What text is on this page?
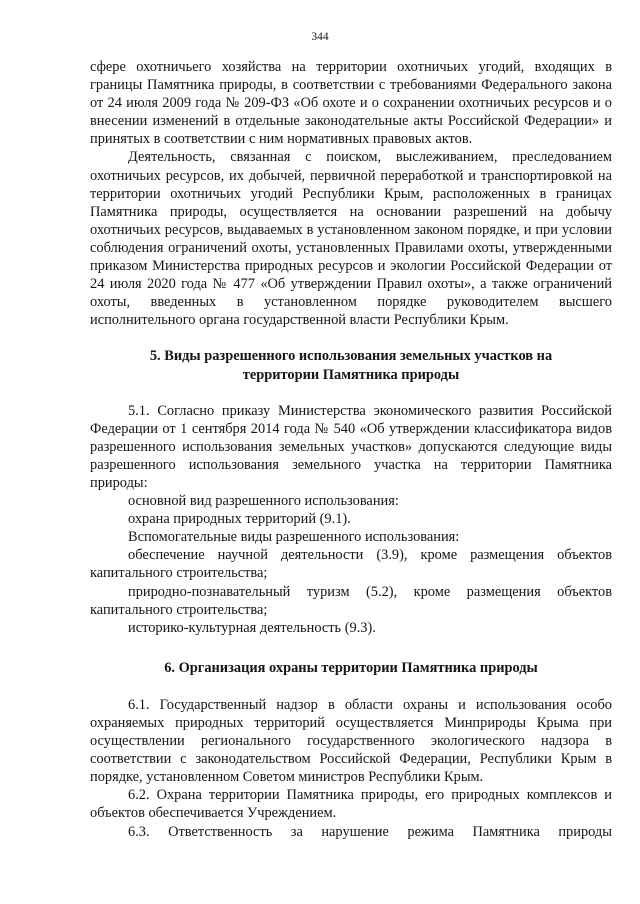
344

сфере охотничьего хозяйства на территории охотничьих угодий, входящих в границы Памятника природы, в соответствии с требованиями Федерального закона от 24 июля 2009 года № 209-ФЗ «Об охоте и о сохранении охотничьих ресурсов и о внесении изменений в отдельные законодательные акты Российской Федерации» и принятых в соответствии с ним нормативных правовых актов.

Деятельность, связанная с поиском, выслеживанием, преследованием охотничьих ресурсов, их добычей, первичной переработкой и транспортировкой на территории охотничьих угодий Республики Крым, расположенных в границах Памятника природы, осуществляется на основании разрешений на добычу охотничьих ресурсов, выдаваемых в установленном законом порядке, и при условии соблюдения ограничений охоты, установленных Правилами охоты, утвержденными приказом Министерства природных ресурсов и экологии Российской Федерации от 24 июля 2020 года № 477 «Об утверждении Правил охоты», а также ограничений охоты, введенных в установленном порядке руководителем высшего исполнительного органа государственной власти Республики Крым.

5. Виды разрешенного использования земельных участков на

территории Памятника природы

5.1. Согласно приказу Министерства экономического развития Российской Федерации от 1 сентября 2014 года № 540 «Об утверждении классификатора видов разрешенного использования земельных участков» допускаются следующие виды разрешенного использования земельного участка на территории Памятника природы:

основной вид разрешенного использования:

охрана природных территорий (9.1).

Вспомогательные виды разрешенного использования:

обеспечение научной деятельности (3.9), кроме размещения объектов капитального строительства;

природно-познавательный туризм (5.2), кроме размещения объектов капитального строительства;

историко-культурная деятельность (9.3).

6. Организация охраны территории Памятника природы

6.1. Государственный надзор в области охраны и использования особо охраняемых природных территорий осуществляется Минприроды Крыма при осуществлении регионального государственного экологического надзора в соответствии с законодательством Российской Федерации, Республики Крым в порядке, установленном Советом министров Республики Крым.

6.2. Охрана территории Памятника природы, его природных комплексов и объектов обеспечивается Учреждением.

6.3. Ответственность за нарушение режима Памятника природы
